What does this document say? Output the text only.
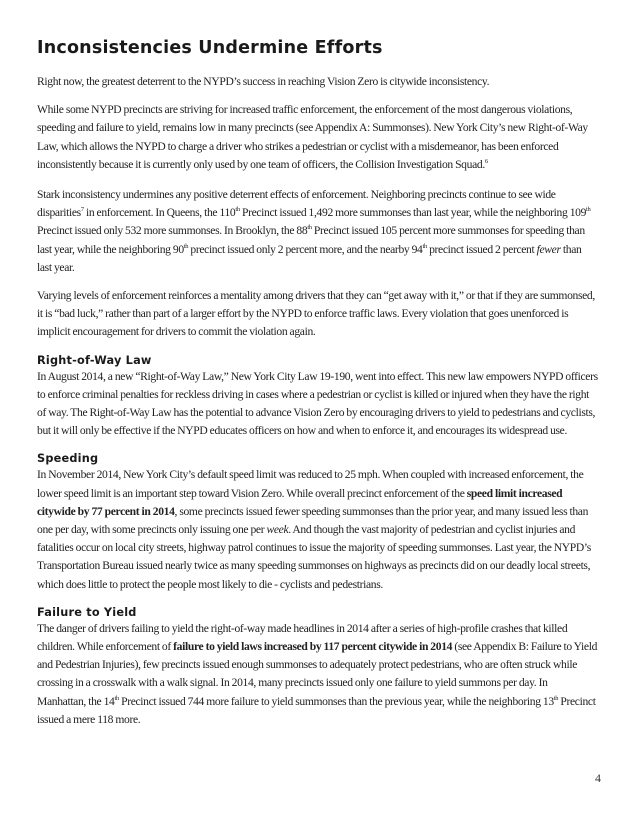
Inconsistencies Undermine Efforts

Right now, the greatest deterrent to the NYPD’s success in reaching Vision Zero is citywide inconsistency.

While some NYPD precincts are striving for increased traffic enforcement, the enforcement of the most dangerous violations, speeding and failure to yield, remains low in many precincts (see Appendix A: Summonses). New York City’s new Right-of-Way Law, which allows the NYPD to charge a driver who strikes a pedestrian or cyclist with a misdemeanor, has been enforced inconsistently because it is currently only used by one team of officers, the Collision Investigation Squad.$^6$

Stark inconsistency undermines any positive deterrent effects of enforcement. Neighboring precincts continue to see wide disparities$^7$ in enforcement. In Queens, the 110th Precinct issued 1,492 more summonses than last year, while the neighboring 109th Precinct issued only 532 more summonses. In Brooklyn, the 88th Precinct issued 105 percent more summonses for speeding than last year, while the neighboring 90th precinct issued only 2 percent more, and the nearby 94th precinct issued 2 percent fewer than last year.

Varying levels of enforcement reinforces a mentality among drivers that they can “get away with it,” or that if they are summonsed, it is “bad luck,” rather than part of a larger effort by the NYPD to enforce traffic laws. Every violation that goes unenforced is implicit encouragement for drivers to commit the violation again.

Right-of-Way Law

In August 2014, a new “Right-of-Way Law,” New York City Law 19-190, went into effect. This new law empowers NYPD officers to enforce criminal penalties for reckless driving in cases where a pedestrian or cyclist is killed or injured when they have the right of way. The Right-of-Way Law has the potential to advance Vision Zero by encouraging drivers to yield to pedestrians and cyclists, but it will only be effective if the NYPD educates officers on how and when to enforce it, and encourages its widespread use.

Speeding

In November 2014, New York City’s default speed limit was reduced to 25 mph. When coupled with increased enforcement, the lower speed limit is an important step toward Vision Zero. While overall precinct enforcement of the speed limit increased citywide by 77 percent in 2014, some precincts issued fewer speeding summonses than the prior year, and many issued less than one per day, with some precincts only issuing one per week. And though the vast majority of pedestrian and cyclist injuries and fatalities occur on local city streets, highway patrol continues to issue the majority of speeding summonses. Last year, the NYPD’s Transportation Bureau issued nearly twice as many speeding summonses on highways as precincts did on our deadly local streets, which does little to protect the people most likely to die - cyclists and pedestrians.

Failure to Yield

The danger of drivers failing to yield the right-of-way made headlines in 2014 after a series of high-profile crashes that killed children. While enforcement of failure to yield laws increased by 117 percent citywide in 2014 (see Appendix B: Failure to Yield and Pedestrian Injuries), few precincts issued enough summonses to adequately protect pedestrians, who are often struck while crossing in a crosswalk with a walk signal. In 2014, many precincts issued only one failure to yield summons per day. In Manhattan, the 14th Precinct issued 744 more failure to yield summonses than the previous year, while the neighboring 13th Precinct issued a mere 118 more.

4
